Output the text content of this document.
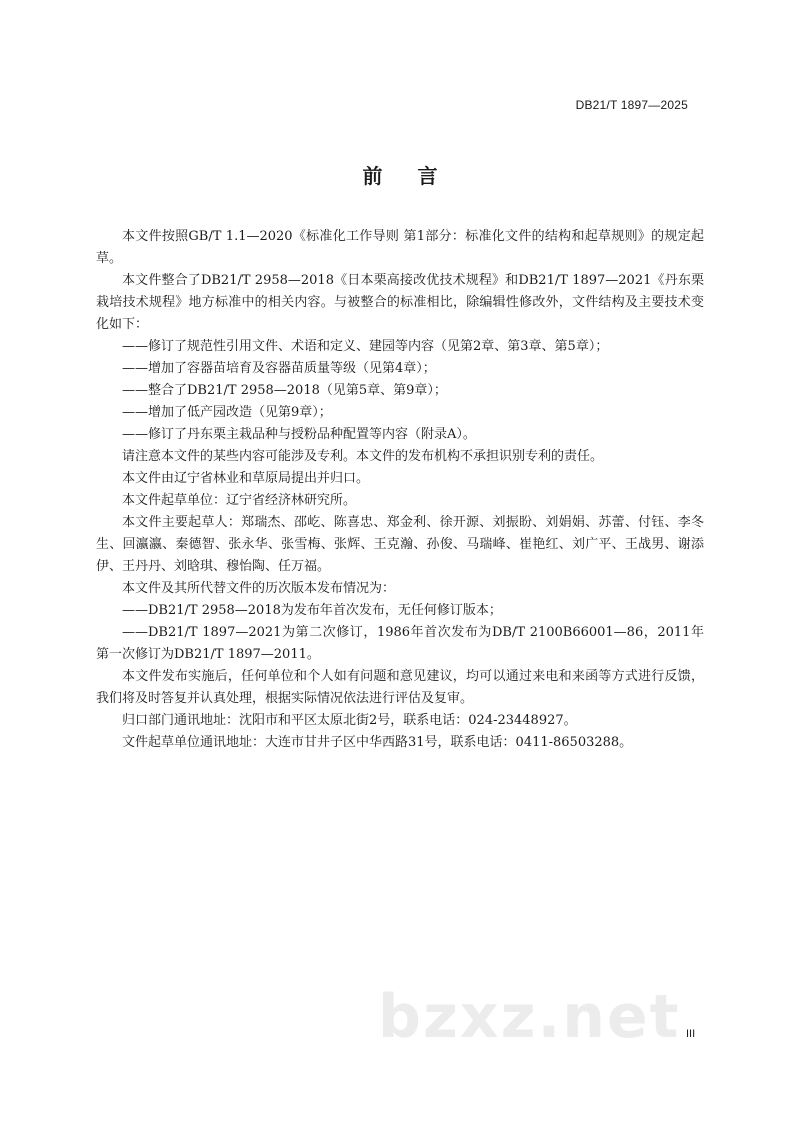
DB21/T 1897—2025
前 言

本文件按照GB/T 1.1—2020《标准化工作导则 第1部分：标准化文件的结构和起草规则》的规定起草。

本文件整合了DB21/T 2958—2018《日本栗高接改优技术规程》和DB21/T 1897—2021《丹东栗栽培技术规程》地方标准中的相关内容。与被整合的标准相比，除编辑性修改外，文件结构及主要技术变化如下：

——修订了规范性引用文件、术语和定义、建园等内容（见第2章、第3章、第5章）；

——增加了容器苗培育及容器苗质量等级（见第4章）；

——整合了DB21/T 2958—2018（见第5章、第9章）；

——增加了低产园改造（见第9章）；

——修订了丹东栗主栽品种与授粉品种配置等内容（附录A）。

请注意本文件的某些内容可能涉及专利。本文件的发布机构不承担识别专利的责任。

本文件由辽宁省林业和草原局提出并归口。

本文件起草单位：辽宁省经济林研究所。

本文件主要起草人：郑瑞杰、邵屹、陈喜忠、郑金利、徐开源、刘振盼、刘娟娟、苏蕾、付钰、李冬生、回瀛瀛、秦德智、张永华、张雪梅、张辉、王克瀚、孙俊、马瑞峰、崔艳红、刘广平、王战男、谢添伊、王丹丹、刘晗琪、穆怡陶、任万福。

本文件及其所代替文件的历次版本发布情况为：

——DB21/T 2958—2018为发布年首次发布，无任何修订版本；

——DB21/T 1897—2021为第二次修订，1986年首次发布为DB/T 2100B66001—86，2011年第一次修订为DB21/T 1897—2011。

本文件发布实施后，任何单位和个人如有问题和意见建议，均可以通过来电和来函等方式进行反馈，我们将及时答复并认真处理，根据实际情况依法进行评估及复审。

归口部门通讯地址：沈阳市和平区太原北街2号，联系电话：024-23448927。

文件起草单位通讯地址：大连市甘井子区中华西路31号，联系电话：0411-86503288。

bzxz.net III
